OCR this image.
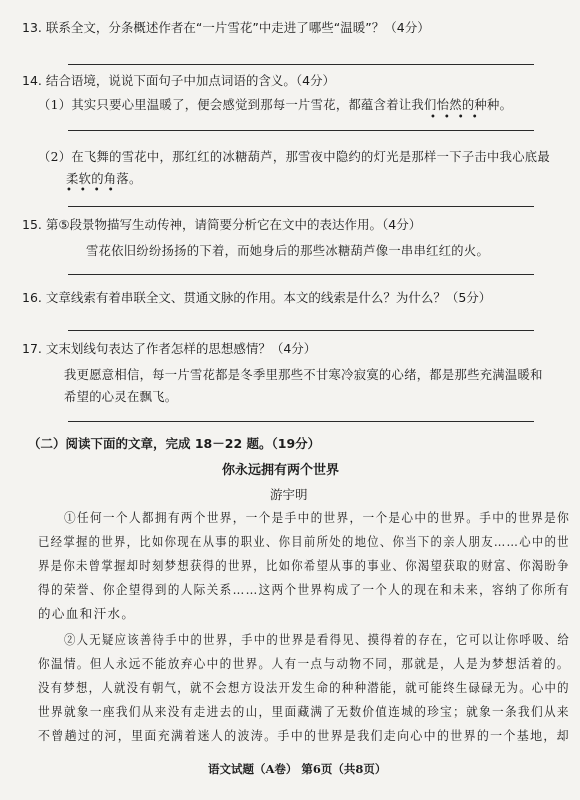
13. 联系全文，分条概述作者在“一片雪花”中走进了哪些“温暖”？（4分）
14. 结合语境，说说下面句子中加点词语的含义。（4分）
（1）其实只要心里温暖了，便会感觉到那每一片雪花，都蕴含着让我们怡然的种种。
••••
（2）在飞舞的雪花中，那红红的冰糖葫芦，那雪夜中隐约的灯光是那样一下子击中我心底最
柔软的角落。
••••
15. 第⑤段景物描写生动传神，请简要分析它在文中的表达作用。（4分）
雪花依旧纷纷扬扬的下着，而她身后的那些冰糖葫芦像一串串红红的火。
16. 文章线索有着串联全文、贯通文脉的作用。本文的线索是什么？为什么？（5分）
17. 文末划线句表达了作者怎样的思想感情？（4分）
我更愿意相信，每一片雪花都是冬季里那些不甘寒冷寂寞的心绪，都是那些充满温暖和
希望的心灵在飘飞。
（二）阅读下面的文章，完成 18－22 题。（19分）
你永远拥有两个世界
游宇明
①任何一个人都拥有两个世界，一个是手中的世界，一个是心中的世界。手中的世界是你
已经掌握的世界，比如你现在从事的职业、你目前所处的地位、你当下的亲人朋友……心中的世
界是你未曾掌握却时刻梦想获得的世界，比如你希望从事的事业、你渴望获取的财富、你渴盼争
得的荣誉、你企望得到的人际关系……这两个世界构成了一个人的现在和未来，容纳了你所有
的心血和汗水。
②人无疑应该善待手中的世界，手中的世界是看得见、摸得着的存在，它可以让你呼吸、给
你温情。但人永远不能放弃心中的世界。人有一点与动物不同，那就是，人是为梦想活着的。
没有梦想，人就没有朝气，就不会想方设法开发生命的种种潜能，就可能终生碌碌无为。心中的
世界就象一座我们从来没有走进去的山，里面藏满了无数价值连城的珍宝；就象一条我们从来
不曾趟过的河，里面充满着迷人的波涛。手中的世界是我们走向心中的世界的一个基地，却
语文试题（A卷） 第6页（共8页）
